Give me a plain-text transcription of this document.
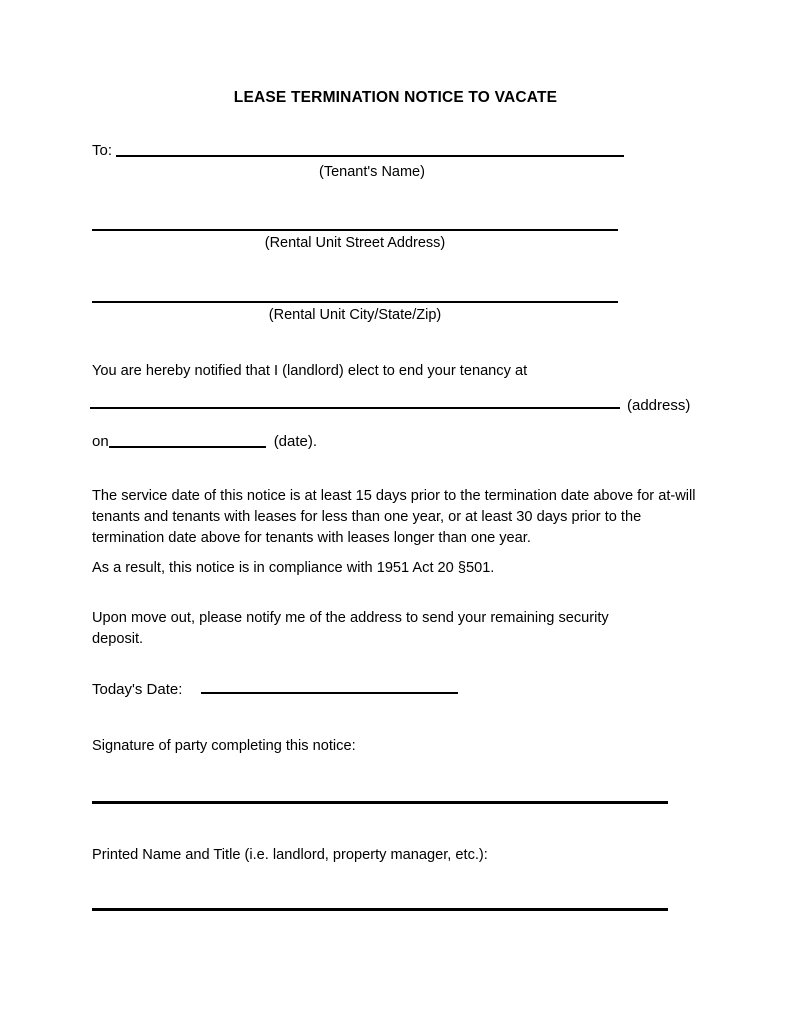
LEASE TERMINATION NOTICE TO VACATE
To:
(Tenant's Name)
(Rental Unit Street Address)
(Rental Unit City/State/Zip)
You are hereby notified that I (landlord) elect to end your tenancy at
(address)
on	(date).
The service date of this notice is at least 15 days prior to the termination date above for at-will tenants and tenants with leases for less than one year, or at least 30 days prior to the termination date above for tenants with leases longer than one year.
As a result, this notice is in compliance with 1951 Act 20 §501.
Upon move out, please notify me of the address to send your remaining security deposit.
Today's Date:
Signature of party completing this notice:
Printed Name and Title (i.e. landlord, property manager, etc.):
